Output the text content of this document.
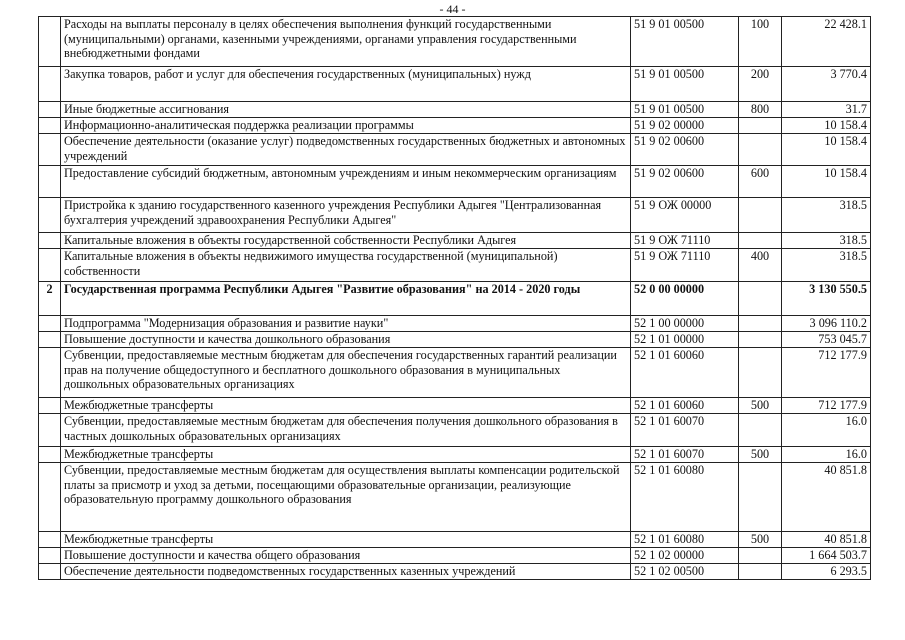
- 44 -
	Расходы на выплаты персоналу в целях обеспечения выполнения функций государственными (муниципальными) органами, казенными учреждениями, органами управления государственными внебюджетными фондами	51 9 01 00500	100	22 428.1
	Закупка товаров, работ и услуг для обеспечения государственных (муниципальных) нужд	51 9 01 00500	200	3 770.4
	Иные бюджетные ассигнования	51 9 01 00500	800	31.7
	Информационно-аналитическая поддержка реализации программы	51 9 02 00000		10 158.4
	Обеспечение деятельности (оказание услуг) подведомственных государственных бюджетных и автономных учреждений	51 9 02 00600		10 158.4
	Предоставление субсидий бюджетным, автономным учреждениям и иным некоммерческим организациям	51 9 02 00600	600	10 158.4
	Пристройка к зданию государственного казенного учреждения Республики Адыгея "Централизованная бухгалтерия учреждений здравоохранения Республики Адыгея"	51 9 ОЖ 00000		318.5
	Капитальные вложения в объекты государственной собственности Республики Адыгея	51 9 ОЖ 71110		318.5
	Капитальные вложения в объекты недвижимого имущества государственной (муниципальной) собственности	51 9 ОЖ 71110	400	318.5
2	Государственная программа Республики Адыгея "Развитие образования" на 2014 - 2020 годы	52 0 00 00000		3 130 550.5
	Подпрограмма "Модернизация образования и развитие науки"	52 1 00 00000		3 096 110.2
	Повышение доступности и качества дошкольного образования	52 1 01 00000		753 045.7
	Субвенции, предоставляемые местным бюджетам для обеспечения государственных гарантий реализации прав на получение общедоступного и бесплатного дошкольного образования в муниципальных дошкольных образовательных организациях	52 1 01 60060		712 177.9
	Межбюджетные трансферты	52 1 01 60060	500	712 177.9
	Субвенции, предоставляемые местным бюджетам для обеспечения получения дошкольного образования в частных дошкольных образовательных организациях	52 1 01 60070		16.0
	Межбюджетные трансферты	52 1 01 60070	500	16.0
	Субвенции, предоставляемые местным бюджетам для осуществления выплаты компенсации родительской платы за присмотр и уход за детьми, посещающими образовательные организации, реализующие образовательную программу дошкольного образования	52 1 01 60080		40 851.8
	Межбюджетные трансферты	52 1 01 60080	500	40 851.8
	Повышение доступности и качества общего образования	52 1 02 00000		1 664 503.7
	Обеспечение деятельности подведомственных государственных казенных учреждений	52 1 02 00500		6 293.5
